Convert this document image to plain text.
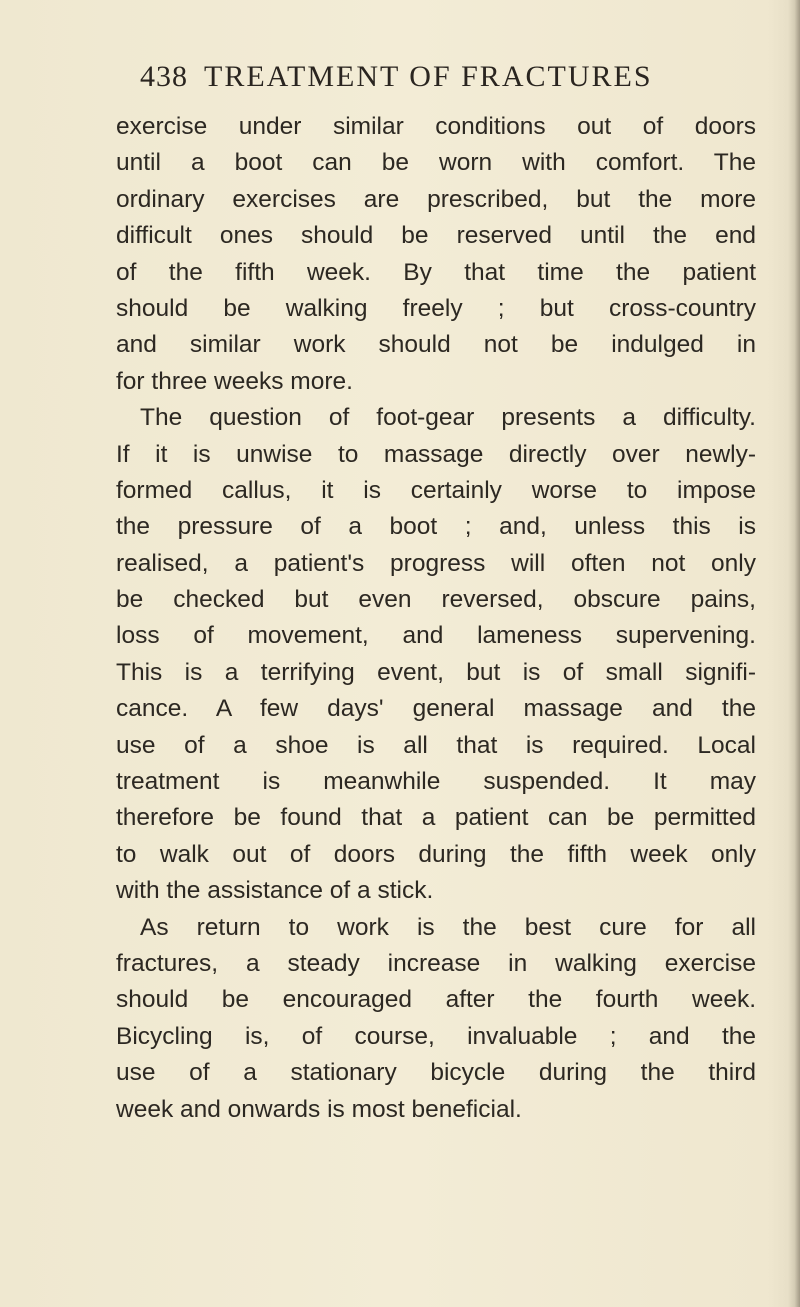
438 TREATMENT OF FRACTURES
exercise under similar conditions out of doors
until a boot can be worn with comfort. The
ordinary exercises are prescribed, but the more
difficult ones should be reserved until the end
of the fifth week. By that time the patient
should be walking freely ; but cross-country
and similar work should not be indulged in
for three weeks more.
The question of foot-gear presents a difficulty.
If it is unwise to massage directly over newly-
formed callus, it is certainly worse to impose
the pressure of a boot ; and, unless this is
realised, a patient's progress will often not only
be checked but even reversed, obscure pains,
loss of movement, and lameness supervening.
This is a terrifying event, but is of small signifi-
cance. A few days' general massage and the
use of a shoe is all that is required. Local
treatment is meanwhile suspended. It may
therefore be found that a patient can be permitted
to walk out of doors during the fifth week only
with the assistance of a stick.
As return to work is the best cure for all
fractures, a steady increase in walking exercise
should be encouraged after the fourth week.
Bicycling is, of course, invaluable ; and the
use of a stationary bicycle during the third
week and onwards is most beneficial.
